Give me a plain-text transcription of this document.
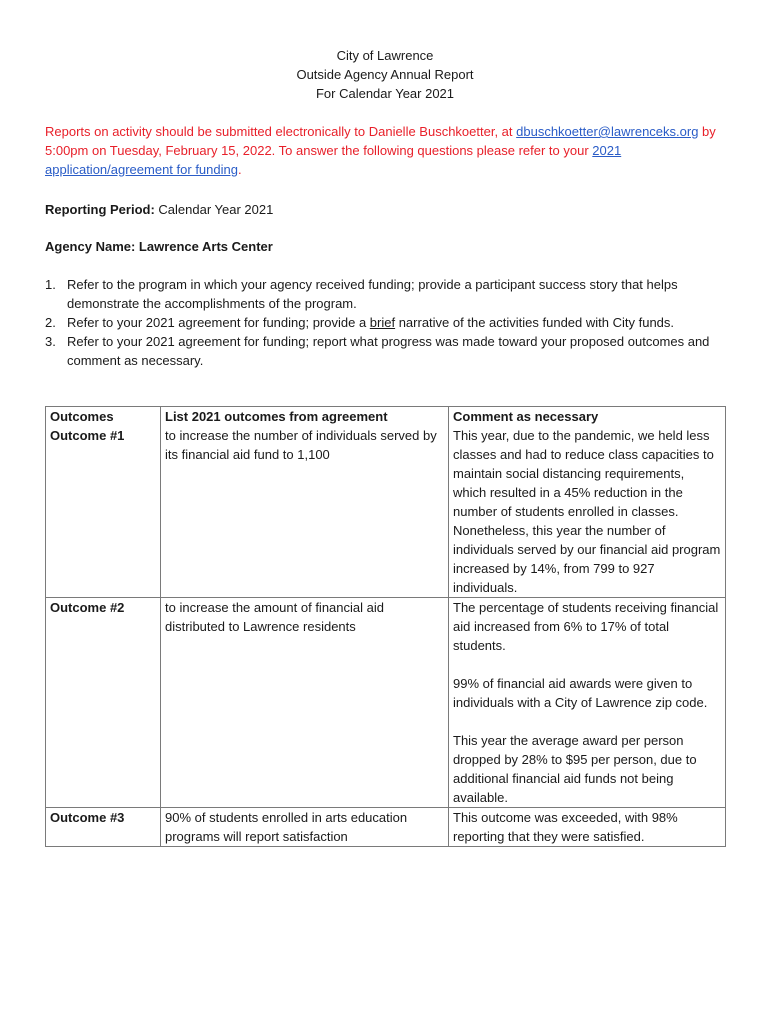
City of Lawrence
Outside Agency Annual Report
For Calendar Year 2021
Reports on activity should be submitted electronically to Danielle Buschkoetter, at dbuschkoetter@lawrenceks.org by 5:00pm on Tuesday, February 15, 2022. To answer the following questions please refer to your 2021 application/agreement for funding.
Reporting Period: Calendar Year 2021
Agency Name: Lawrence Arts Center
1. Refer to the program in which your agency received funding; provide a participant success story that helps demonstrate the accomplishments of the program.
2. Refer to your 2021 agreement for funding; provide a brief narrative of the activities funded with City funds.
3. Refer to your 2021 agreement for funding; report what progress was made toward your proposed outcomes and comment as necessary.
Outcomes	List 2021 outcomes from agreement	Comment as necessary
Outcome #1	to increase the number of individuals served by its financial aid fund to 1,100	This year, due to the pandemic, we held less classes and had to reduce class capacities to maintain social distancing requirements, which resulted in a 45% reduction in the number of students enrolled in classes. Nonetheless, this year the number of individuals served by our financial aid program increased by 14%, from 799 to 927 individuals.

Outcome #2	to increase the amount of financial aid distributed to Lawrence residents	The percentage of students receiving financial aid increased from 6% to 17% of total students.
99% of financial aid awards were given to individuals with a City of Lawrence zip code.
This year the average award per person dropped by 28% to $95 per person, due to additional financial aid funds not being available.

Outcome #3	90% of students enrolled in arts education programs will report satisfaction	This outcome was exceeded, with 98% reporting that they were satisfied.
